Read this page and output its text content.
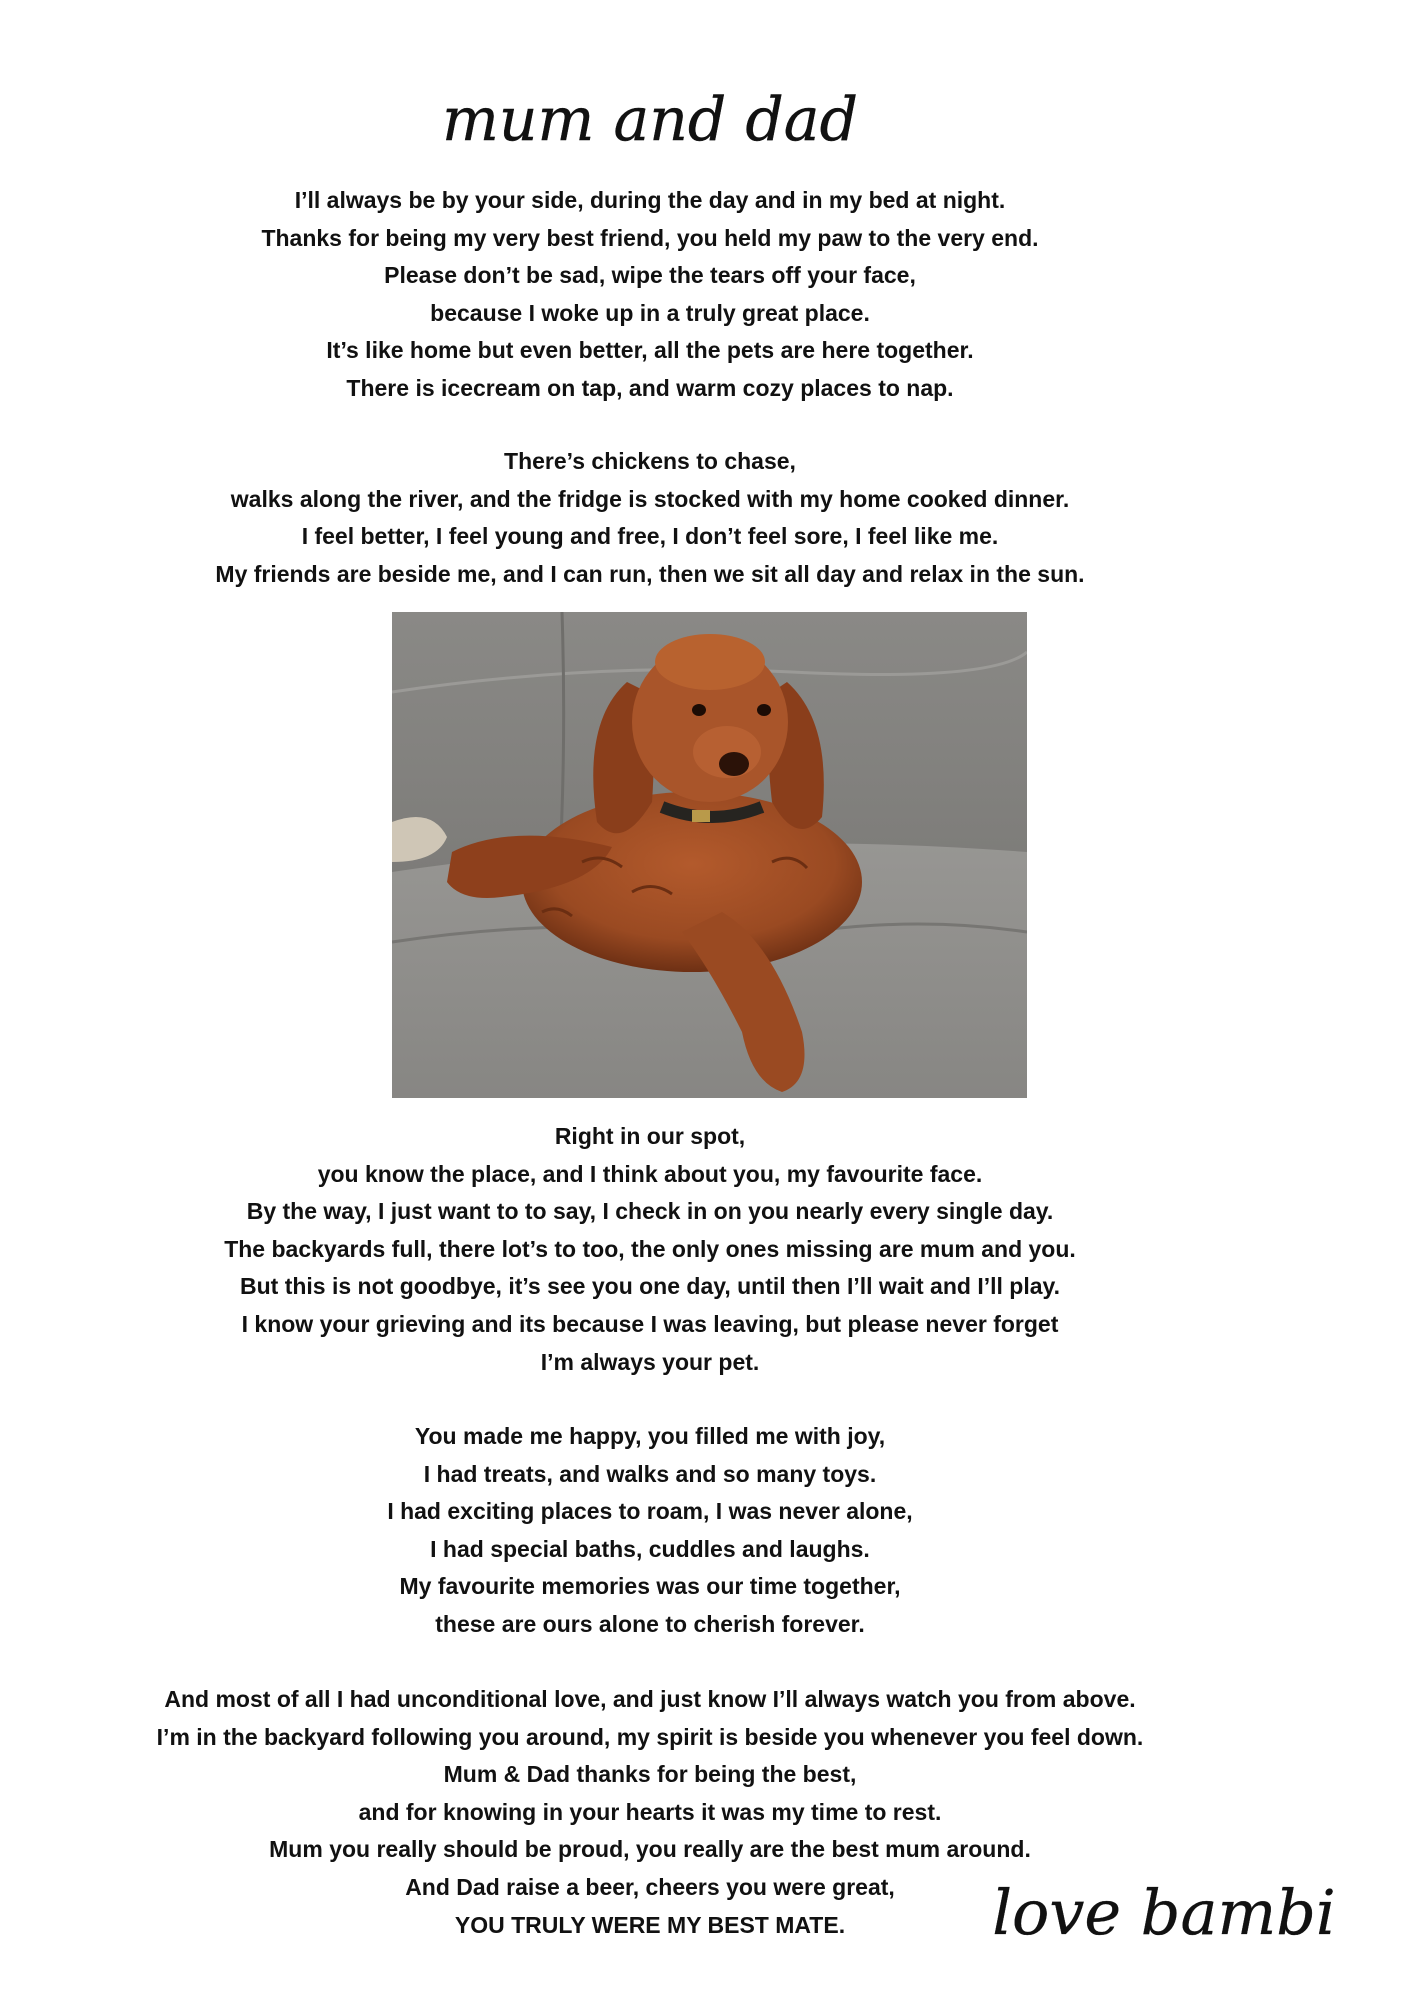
mum and dad
I’ll always be by your side, during the day and in my bed at night.
Thanks for being my very best friend, you held my paw to the very end.
Please don’t be sad, wipe the tears off your face,
because I woke up in a truly great place.
It’s like home but even better, all the pets are here together.
There is icecream on tap, and warm cozy places to nap.
There’s chickens to chase,
walks along the river, and the fridge is stocked with my home cooked dinner.
I feel better, I feel young and free, I don’t feel sore, I feel like me.
My friends are beside me, and I can run, then we sit all day and relax in the sun.
Right in our spot,
you know the place, and I think about you, my favourite face.
By the way, I just want to to say, I check in on you nearly every single day.
The backyards full, there lot’s to too, the only ones missing are mum and you.
But this is not goodbye, it’s see you one day, until then I’ll wait and I’ll play.
I know your grieving and its because I was leaving, but please never forget
I’m always your pet.
You made me happy, you filled me with joy,
I had treats, and walks and so many toys.
I had exciting places to roam, I was never alone,
I had special baths, cuddles and laughs.
My favourite memories was our time together,
these are ours alone to cherish forever.
And most of all I had unconditional love, and just know I’ll always watch you from above.
I’m in the backyard following you around, my spirit is beside you whenever you feel down.
Mum & Dad thanks for being the best,
and for knowing in your hearts it was my time to rest.
Mum you really should be proud, you really are the best mum around.
And Dad raise a beer, cheers you were great,
YOU TRULY WERE MY BEST MATE.	love bambi
